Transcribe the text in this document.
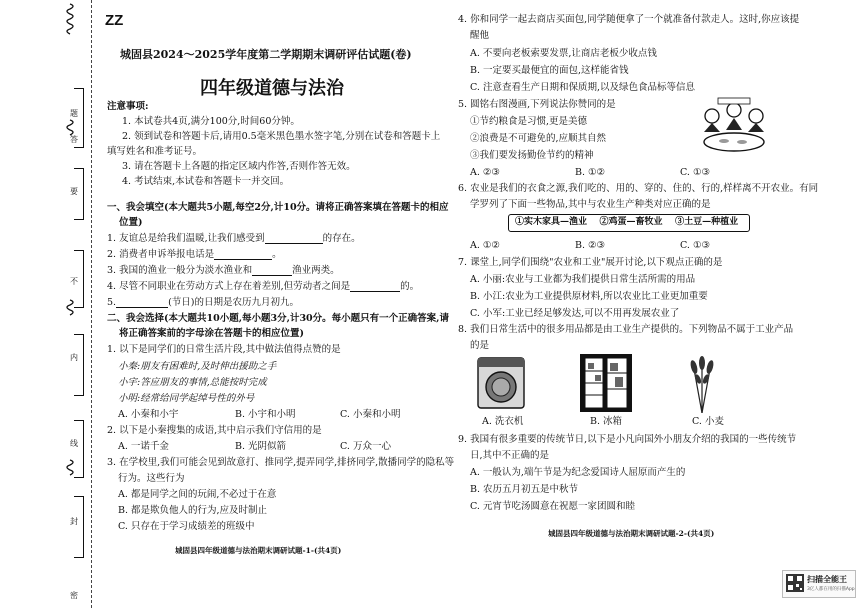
ZZ
城固县2024～2025学年度第二学期期末调研评估试题(卷)
四年级道德与法治
注意事项:
1. 本试卷共4页,满分100分,时间60分钟。
2. 领到试卷和答题卡后,请用0.5毫米黑色墨水签字笔,分别在试卷和答题卡上
填写姓名和准考证号。
3. 请在答题卡上各题的指定区域内作答,否则作答无效。
4. 考试结束,本试卷和答题卡一并交回。
一、我会填空(本大题共5小题,每空2分,计10分。请将正确答案填在答题卡的相应
位置)
1. 友谊总是给我们温暖,让我们感受到	的存在。
2. 消费者申诉举报电话是	。
3. 我国的渔业一般分为淡水渔业和	渔业两类。
4. 尽管不同职业在劳动方式上存在着差别,但劳动者之间是	的。
5.	(节日)的日期是农历九月初九。
二、我会选择(本大题共10小题,每小题3分,计30分。每小题只有一个正确答案,请
将正确答案前的字母涂在答题卡的相应位置)
1. 以下是同学们的日常生活片段,其中做法值得点赞的是
小秦:朋友有困难时,及时伸出援助之手
小宇:答应朋友的事情,总能按时完成
小明:经常给同学起绰号性的外号
A. 小秦和小宇	B. 小宇和小明	C. 小秦和小明
2. 以下是小秦搜集的成语,其中启示我们守信用的是
A. 一诺千金	B. 光阴似箭	C. 万众一心
3. 在学校里,我们可能会见到故意打、推同学,提弄同学,排挤同学,散播同学的隐私等
行为。这些行为
A. 都是同学之间的玩闹,不必过于在意
B. 都是欺负他人的行为,应及时制止
C. 只存在于学习成绩差的班级中
城固县四年级道德与法治期末调研试题-1-(共4页)
4. 你和同学一起去商店买面包,同学随便拿了一个就准备付款走人。这时,你应该提
醒他
A. 不要向老板索要发票,让商店老板少收点钱
B. 一定要买最便宜的面包,这样能省钱
C. 注意查看生产日期和保质期,以及绿色食品标等信息
5. 圆铭右图漫画,下列说法你赞同的是
①节约粮食是习惯,更是美德
②浪费是不可避免的,应顺其自然
③我们要发扬勤俭节约的精神
A. ②③	B. ①②	C. ①③
6. 农业是我们的衣食之源,我们吃的、用的、穿的、住的、行的,样样离不开农业。有同
学罗列了下面一些物品,其中与农业生产种类对应正确的是
①实木家具—渔业    ②鸡蛋—畜牧业    ③土豆—种植业
A. ①②	B. ②③	C. ①③
7. 课堂上,同学们围绕"农业和工业"展开讨论,以下观点正确的是
A. 小丽:农业与工业都为我们提供日常生活所需的用品
B. 小江:农业为工业提供原材料,所以农业比工业更加重要
C. 小军:工业已经足够发达,可以不用再发展农业了
8. 我们日常生活中的很多用品都是由工业生产提供的。下列物品不属于工业产品
的是
A. 洗衣机	B. 冰箱	C. 小麦
9. 我国有很多重要的传统节日,以下是小凡向国外小朋友介绍的我国的一些传统节
日,其中不正确的是
A. 一般认为,端午节是为纪念爱国诗人屈原而产生的
B. 农历五月初五是中秋节
C. 元宵节吃汤圆意在祝愿一家团圆和睦
城固县四年级道德与法治期末调研试题-2-(共4页)
扫描全能王
3亿人都在用的扫描App
题
答
要
不
内
线
封
密
